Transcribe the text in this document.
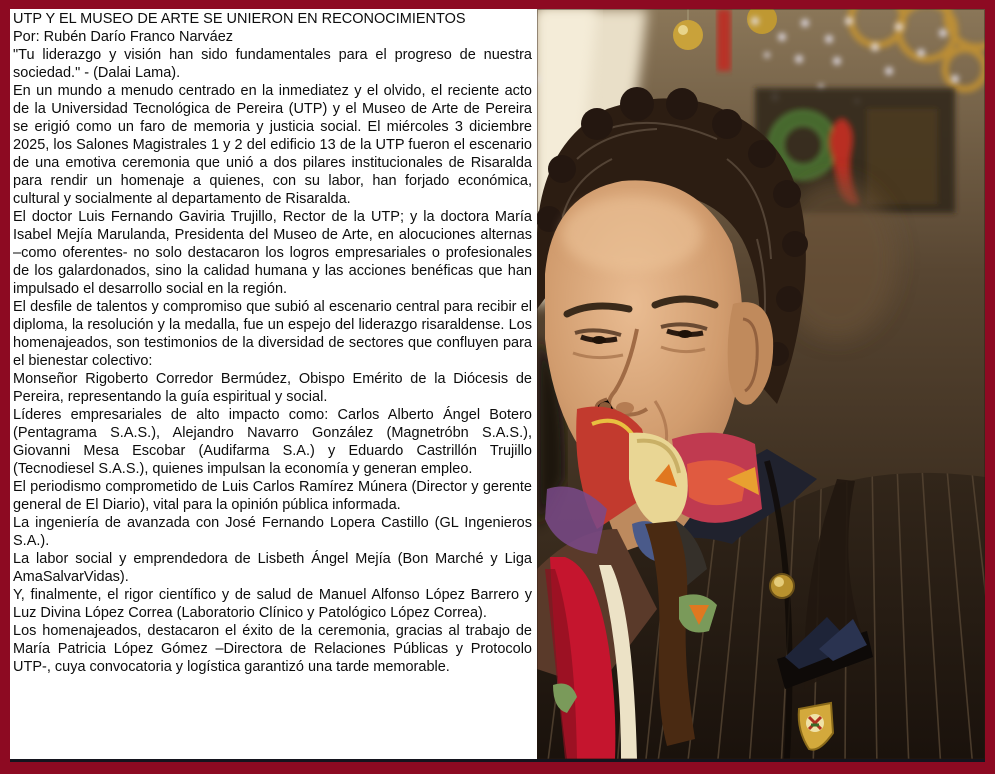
UTP Y EL MUSEO DE ARTE SE UNIERON EN RECONOCIMIENTOS

Por: Rubén Darío Franco Narváez

"Tu liderazgo y visión han sido fundamentales para el progreso de nuestra sociedad." - (Dalai Lama).

En un mundo a menudo centrado en la inmediatez y el olvido, el reciente acto de la Universidad Tecnológica de Pereira (UTP) y el Museo de Arte de Pereira se erigió como un faro de memoria y justicia social. El miércoles 3 diciembre 2025, los Salones Magistrales 1 y 2 del edificio 13 de la UTP fueron el escenario de una emotiva ceremonia que unió a dos pilares institucionales de Risaralda para rendir un homenaje a quienes, con su labor, han forjado económica, cultural y socialmente al departamento de Risaralda.

El doctor Luis Fernando Gaviria Trujillo, Rector de la UTP; y la doctora María Isabel Mejía Marulanda, Presidenta del Museo de Arte, en alocuciones alternas –como oferentes- no solo destacaron los logros empresariales o profesionales de los galardonados, sino la calidad humana y las acciones benéficas que han impulsado el desarrollo social en la región.

El desfile de talentos y compromiso que subió al escenario central para recibir el diploma, la resolución y la medalla, fue un espejo del liderazgo risaraldense. Los homenajeados, son testimonios de la diversidad de sectores que confluyen para el bienestar colectivo:

Monseñor Rigoberto Corredor Bermúdez, Obispo Emérito de la Diócesis de Pereira, representando la guía espiritual y social.

Líderes empresariales de alto impacto como: Carlos Alberto Ángel Botero (Pentagrama S.A.S.), Alejandro Navarro González (Magnetróbn S.A.S.), Giovanni Mesa Escobar (Audifarma S.A.) y Eduardo Castrillón Trujillo (Tecnodiesel S.A.S.), quienes impulsan la economía y generan empleo.

El periodismo comprometido de Luis Carlos Ramírez Múnera (Director y gerente general de El Diario), vital para la opinión pública informada.

La ingeniería de avanzada con José Fernando Lopera Castillo (GL Ingenieros S.A.).

La labor social y emprendedora de Lisbeth Ángel Mejía (Bon Marché y Liga AmaSalvarVidas).

Y, finalmente, el rigor científico y de salud de Manuel Alfonso López Barrero y Luz Divina López Correa (Laboratorio Clínico y Patológico López Correa).

Los homenajeados, destacaron el éxito de la ceremonia, gracias al trabajo de María Patricia López Gómez –Directora de Relaciones Públicas y Protocolo UTP-, cuya convocatoria y logística garantizó una tarde memorable.
